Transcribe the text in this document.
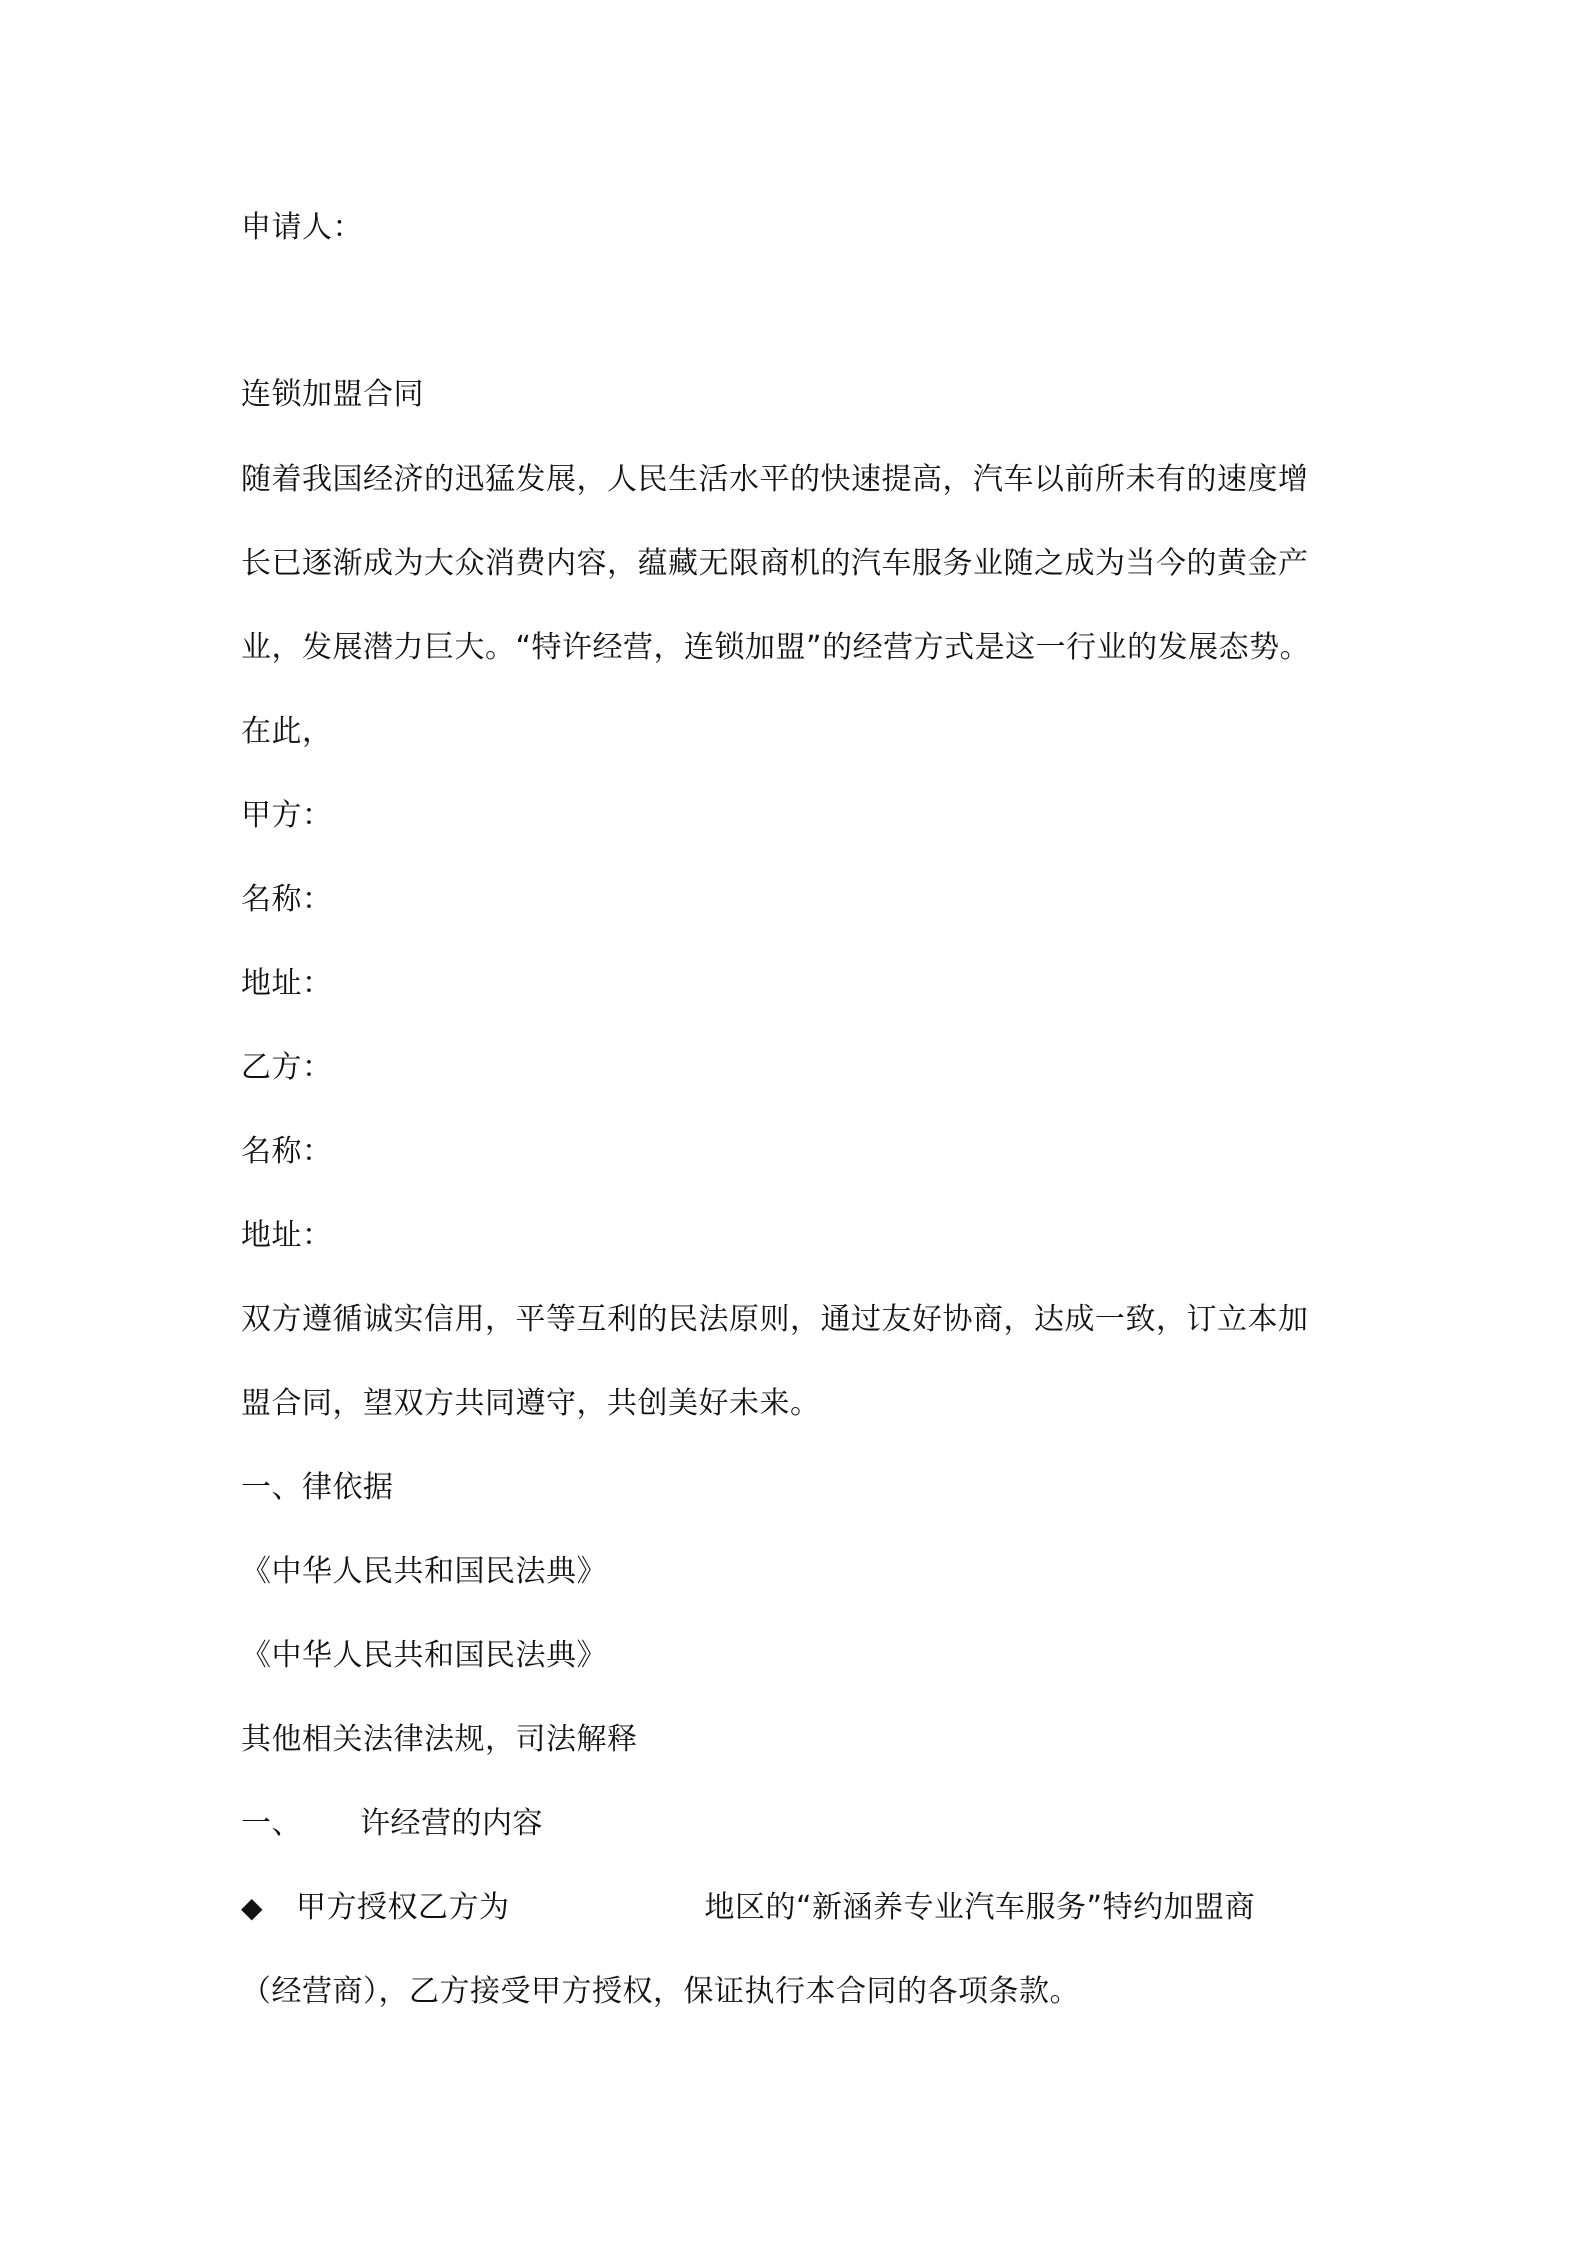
申请人：
连锁加盟合同
随着我国经济的迅猛发展，人民生活水平的快速提高，汽车以前所未有的速度增
长已逐渐成为大众消费内容，蕴藏无限商机的汽车服务业随之成为当今的黄金产
业，发展潜力巨大。“特许经营，连锁加盟”的经营方式是这一行业的发展态势。
在此，
甲方：
名称：
地址：
乙方：
名称：
地址：
双方遵循诚实信用，平等互利的民法原则，通过友好协商，达成一致，订立本加
盟合同，望双方共同遵守，共创美好未来。
一、律依据
《中华人民共和国民法典》
《中华人民共和国民法典》
其他相关法律法规，司法解释
一、 许经营的内容
◆ 甲方授权乙方为	地区的“新涵养专业汽车服务”特约加盟商
（经营商），乙方接受甲方授权，保证执行本合同的各项条款。
